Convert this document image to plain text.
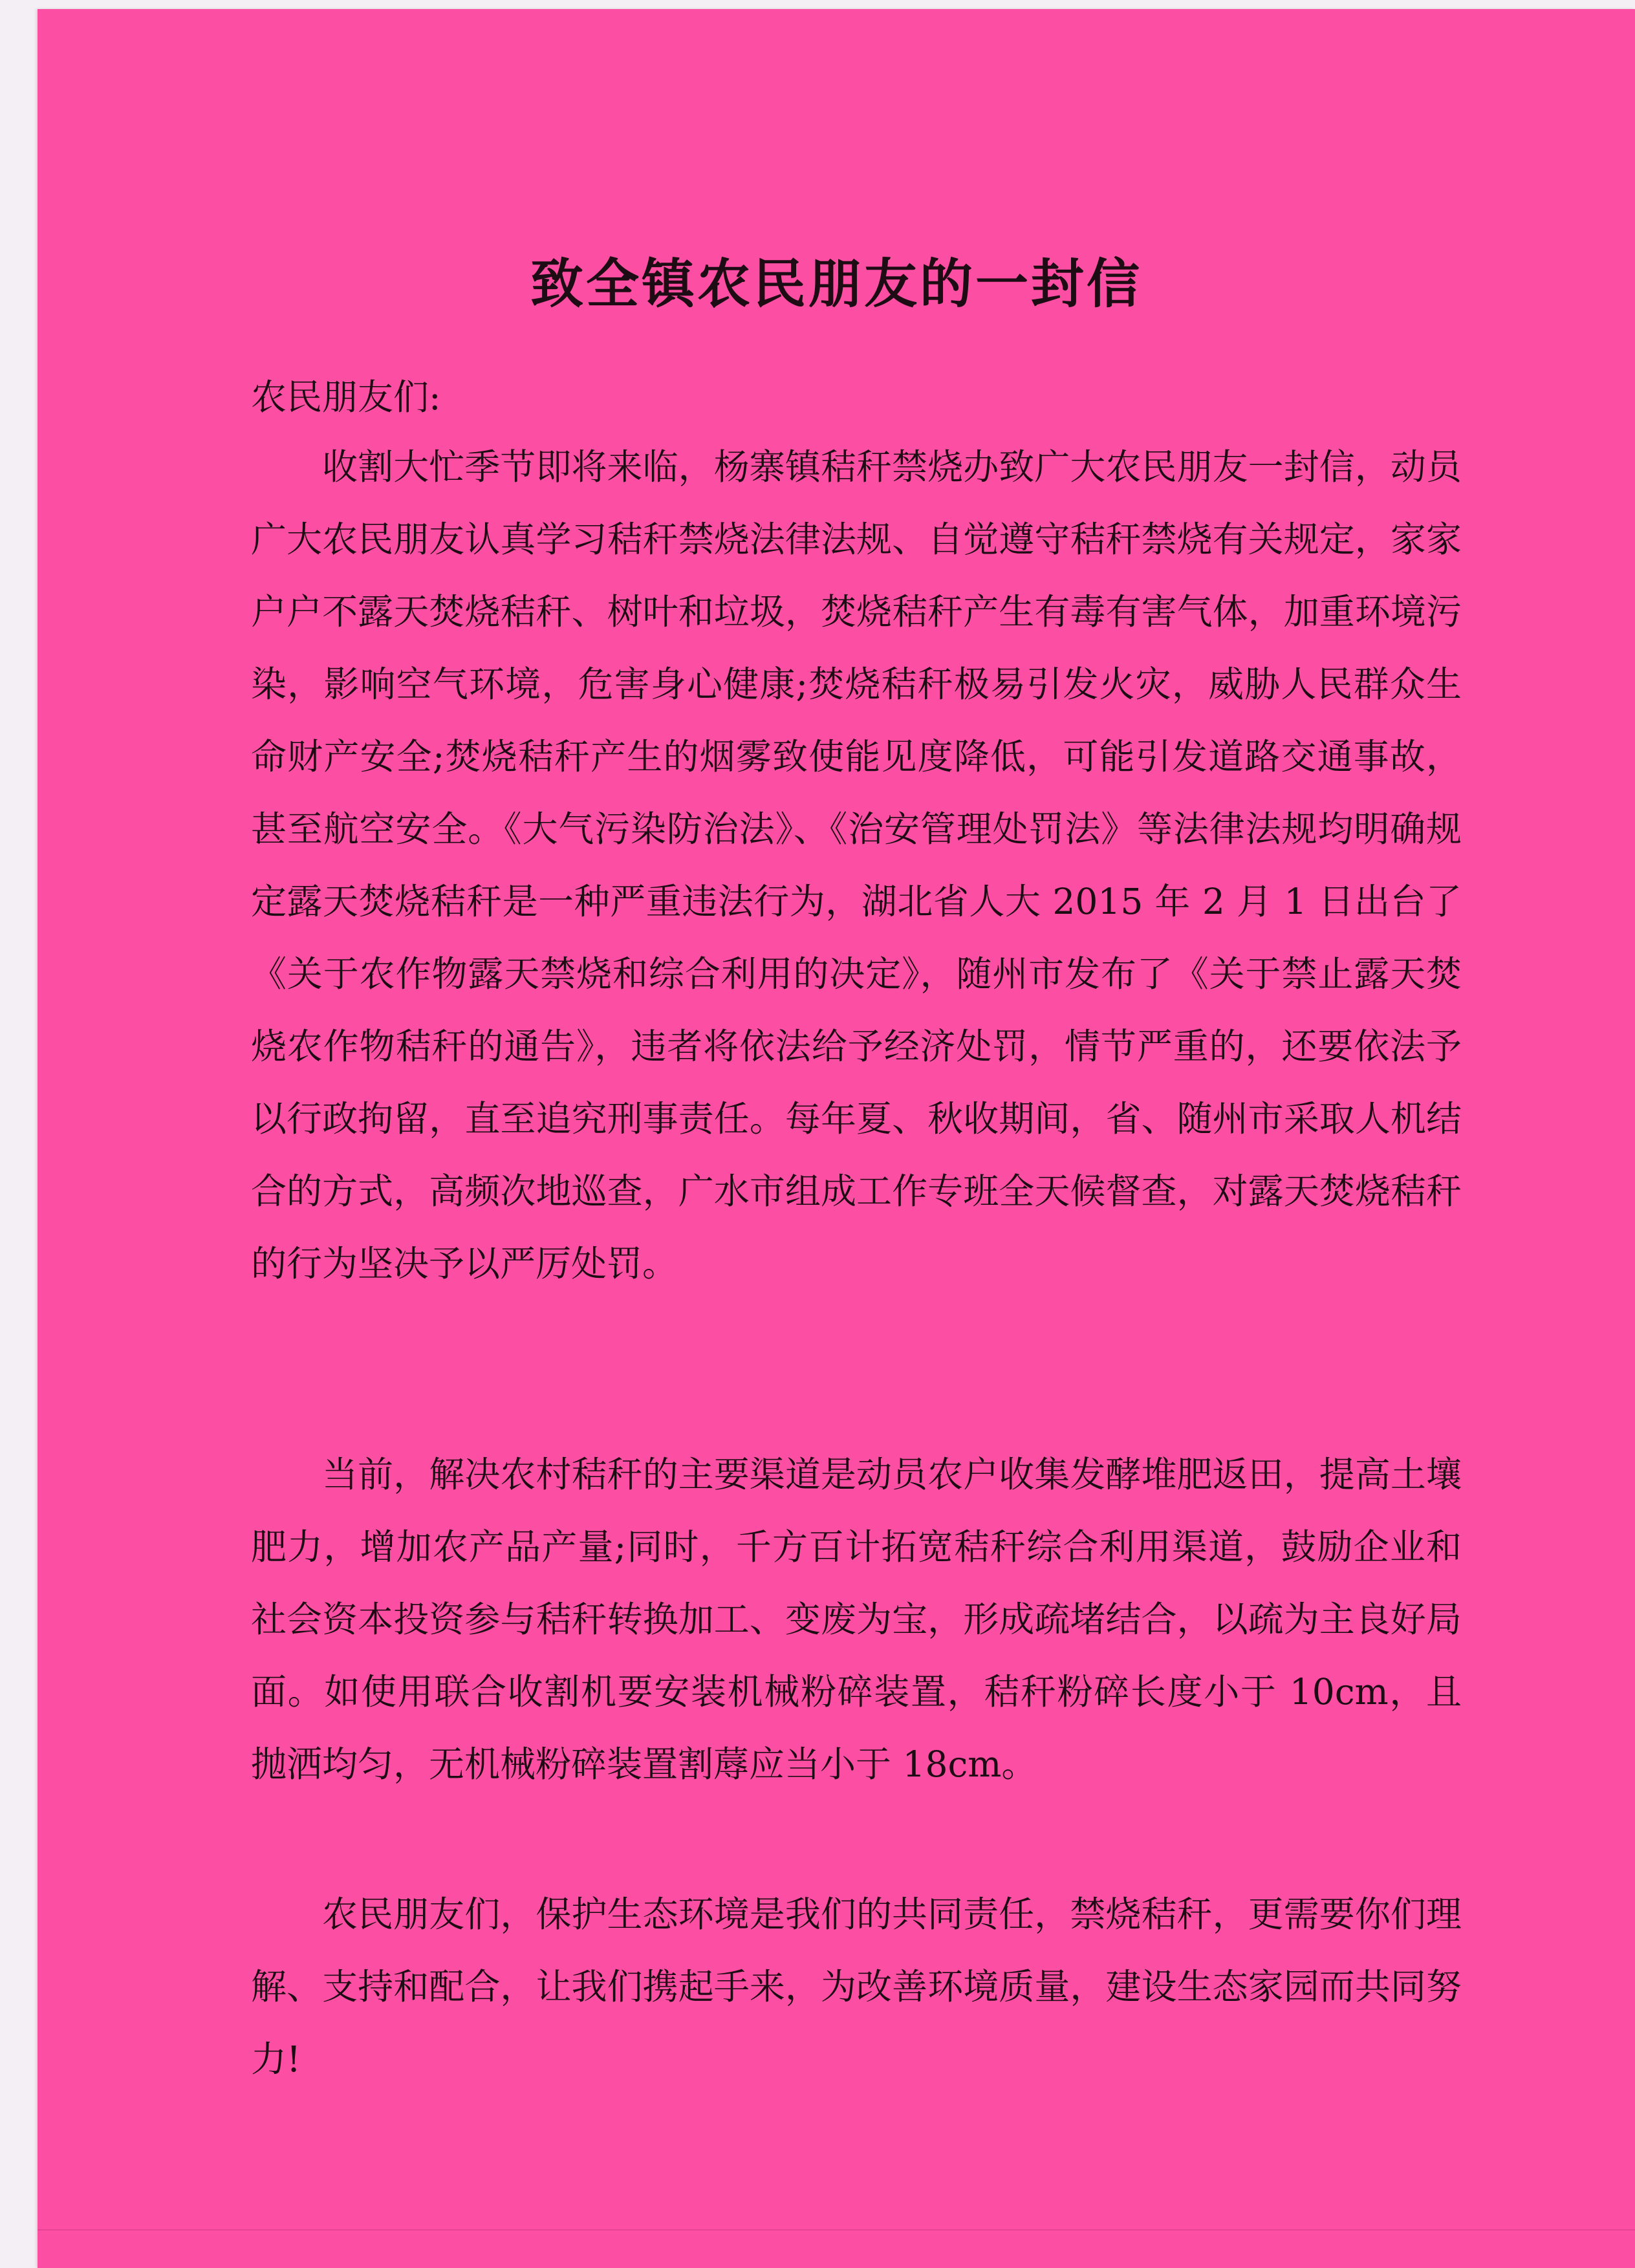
致全镇农民朋友的一封信

农民朋友们:

收割大忙季节即将来临，杨寨镇秸秆禁烧办致广大农民朋友一封信，动员广大农民朋友认真学习秸秆禁烧法律法规、自觉遵守秸秆禁烧有关规定，家家户户不露天焚烧秸秆、树叶和垃圾，焚烧秸秆产生有毒有害气体，加重环境污染，影响空气环境，危害身心健康;焚烧秸秆极易引发火灾，威胁人民群众生命财产安全;焚烧秸秆产生的烟雾致使能见度降低，可能引发道路交通事故，甚至航空安全。《大气污染防治法》、《治安管理处罚法》等法律法规均明确规定露天焚烧秸秆是一种严重违法行为，湖北省人大 2015 年 2 月 1 日出台了《关于农作物露天禁烧和综合利用的决定》，随州市发布了《关于禁止露天焚烧农作物秸秆的通告》，违者将依法给予经济处罚，情节严重的，还要依法予以行政拘留，直至追究刑事责任。每年夏、秋收期间，省、随州市采取人机结合的方式，高频次地巡查，广水市组成工作专班全天候督查，对露天焚烧秸秆的行为坚决予以严厉处罚。

当前，解决农村秸秆的主要渠道是动员农户收集发酵堆肥返田，提高土壤肥力，增加农产品产量;同时，千方百计拓宽秸秆综合利用渠道，鼓励企业和社会资本投资参与秸秆转换加工、变废为宝，形成疏堵结合，以疏为主良好局面。如使用联合收割机要安装机械粉碎装置，秸秆粉碎长度小于 10cm，且抛洒均匀，无机械粉碎装置割蓐应当小于 18cm。

农民朋友们，保护生态环境是我们的共同责任，禁烧秸秆，更需要你们理解、支持和配合，让我们携起手来，为改善环境质量，建设生态家园而共同努力!
